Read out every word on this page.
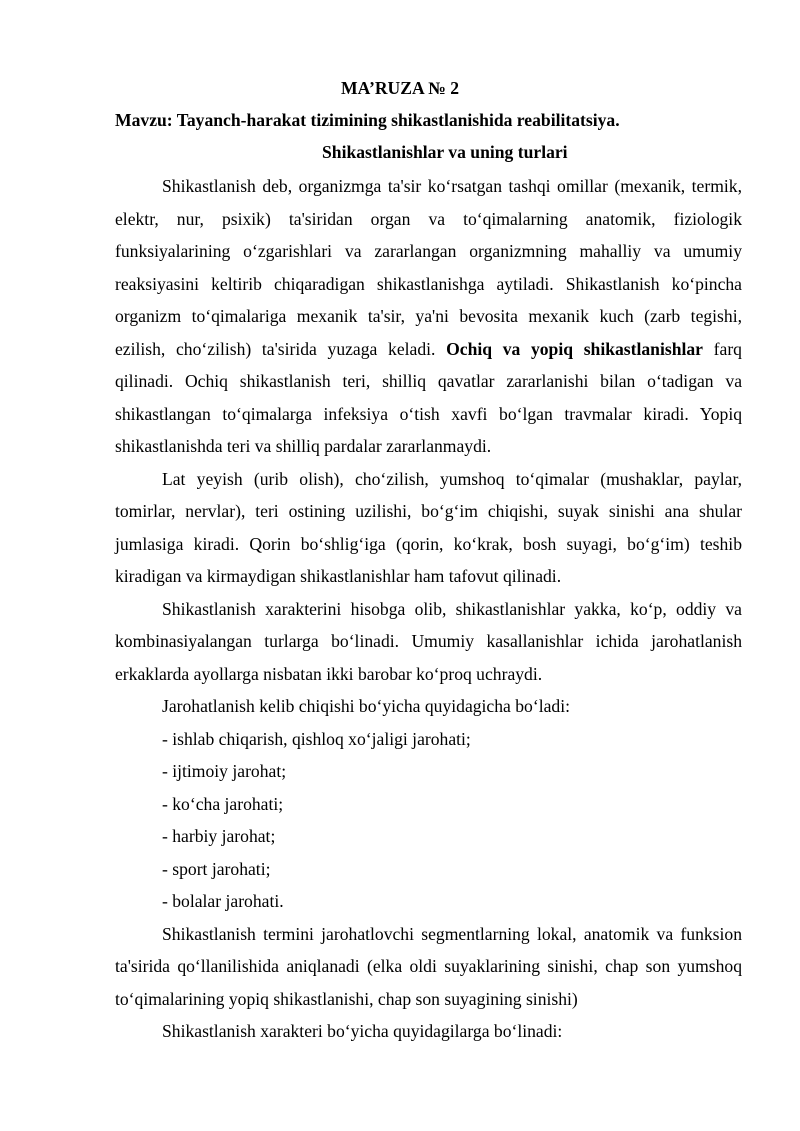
MA’RUZA № 2
Mavzu: Tayanch-harakat tizimining shikastlanishida reabilitatsiya.
Shikastlanishlar va uning turlari

Shikastlanish deb, organizmga ta'sir ko‘rsatgan tashqi omillar (mexanik, termik, elektr, nur, psixik) ta'siridan organ va to‘qimalarning anatomik, fiziologik funksiyalarining o‘zgarishlari va zararlangan organizmning mahalliy va umumiy reaksiyasini keltirib chiqaradigan shikastlanishga aytiladi. Shikastlanish ko‘pincha organizm to‘qimalariga mexanik ta'sir, ya'ni bevosita mexanik kuch (zarb tegishi, ezilish, cho‘zilish) ta'sirida yuzaga keladi. Ochiq va yopiq shikastlanishlar farq qilinadi. Ochiq shikastlanish teri, shilliq qavatlar zararlanishi bilan o‘tadigan va shikastlangan to‘qimalarga infeksiya o‘tish xavfi bo‘lgan travmalar kiradi. Yopiq shikastlanishda teri va shilliq pardalar zararlanmaydi.

Lat yeyish (urib olish), cho‘zilish, yumshoq to‘qimalar (mushaklar, paylar, tomirlar, nervlar), teri ostining uzilishi, bo‘g‘im chiqishi, suyak sinishi ana shular jumlasiga kiradi. Qorin bo‘shlig‘iga (qorin, ko‘krak, bosh suyagi, bo‘g‘im) teshib kiradigan va kirmaydigan shikastlanishlar ham tafovut qilinadi.

Shikastlanish xarakterini hisobga olib, shikastlanishlar yakka, ko‘p, oddiy va kombinasiyalangan turlarga bo‘linadi. Umumiy kasallanishlar ichida jarohatlanish erkaklarda ayollarga nisbatan ikki barobar ko‘proq uchraydi.

Jarohatlanish kelib chiqishi bo‘yicha quyidagicha bo‘ladi:

- ishlab chiqarish, qishloq xo‘jaligi jarohati;

- ijtimoiy jarohat;

- ko‘cha jarohati;

- harbiy jarohat;

- sport jarohati;

- bolalar jarohati.

Shikastlanish termini jarohatlovchi segmentlarning lokal, anatomik va funksion ta'sirida qo‘llanilishida aniqlanadi (elka oldi suyaklarining sinishi, chap son yumshoq to‘qimalarining yopiq shikastlanishi, chap son suyagining sinishi)

Shikastlanish xarakteri bo‘yicha quyidagilarga bo‘linadi:
